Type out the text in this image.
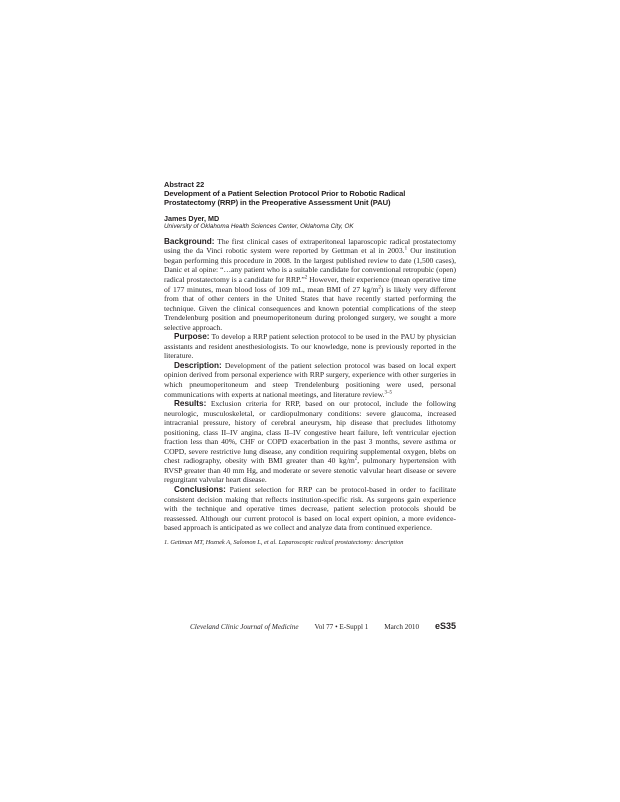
Abstract 22

Development of a Patient Selection Protocol Prior to Robotic Radical Prostatectomy (RRP) in the Preoperative Assessment Unit (PAU)

James Dyer, MD

University of Oklahoma Health Sciences Center, Oklahoma City, OK

Background: The first clinical cases of extraperitoneal laparoscopic radical prostatectomy using the da Vinci robotic system were reported by Gettman et al in 2003.$^1$ Our institution began performing this procedure in 2008. In the largest published review to date (1,500 cases), Danic et al opine: “…any patient who is a suitable candidate for conventional retropubic (open) radical prostatectomy is a candidate for RRP.”$^2$ However, their experience (mean operative time of 177 minutes, mean blood loss of 109 mL, mean BMI of 27 $kg/m^2$) is likely very different from that of other centers in the United States that have recently started performing the technique. Given the clinical consequences and known potential complications of the steep Trendelenburg position and pneumoperitoneum during prolonged surgery, we sought a more selective approach.

Purpose: To develop a RRP patient selection protocol to be used in the PAU by physician assistants and resident anesthesiologists. To our knowledge, none is previously reported in the literature.

Description: Development of the patient selection protocol was based on local expert opinion derived from personal experience with RRP surgery, experience with other surgeries in which pneumoperitoneum and steep Trendelenburg positioning were used, personal communications with experts at national meetings, and literature review.$^{3-5}$

Results: Exclusion criteria for RRP, based on our protocol, include the following neurologic, musculoskeletal, or cardiopulmonary conditions: severe glaucoma, increased intracranial pressure, history of cerebral aneurysm, hip disease that precludes lithotomy positioning, class II–IV angina, class II–IV congestive heart failure, left ventricular ejection fraction less than 40%, CHF or COPD exacerbation in the past 3 months, severe asthma or COPD, severe restrictive lung disease, any condition requiring supplemental oxygen, blebs on chest radiography, obesity with BMI greater than 40 $kg/m^2$, pulmonary hypertension with RVSP greater than 40 mm Hg, and moderate or severe stenotic valvular heart disease or severe regurgitant valvular heart disease.

Conclusions: Patient selection for RRP can be protocol-based in order to facilitate consistent decision making that reflects institution-specific risk. As surgeons gain experience with the technique and operative times decrease, patient selection protocols should be reassessed. Although our current protocol is based on local expert opinion, a more evidence-based approach is anticipated as we collect and analyze data from continued experience.

1. Gettman MT, Hoznek A, Salomon L, et al. Laparoscopic radical prostatectomy: description

Cleveland Clinic Journal of Medicine Vol 77 • E-Suppl 1 March 2010 eS35
